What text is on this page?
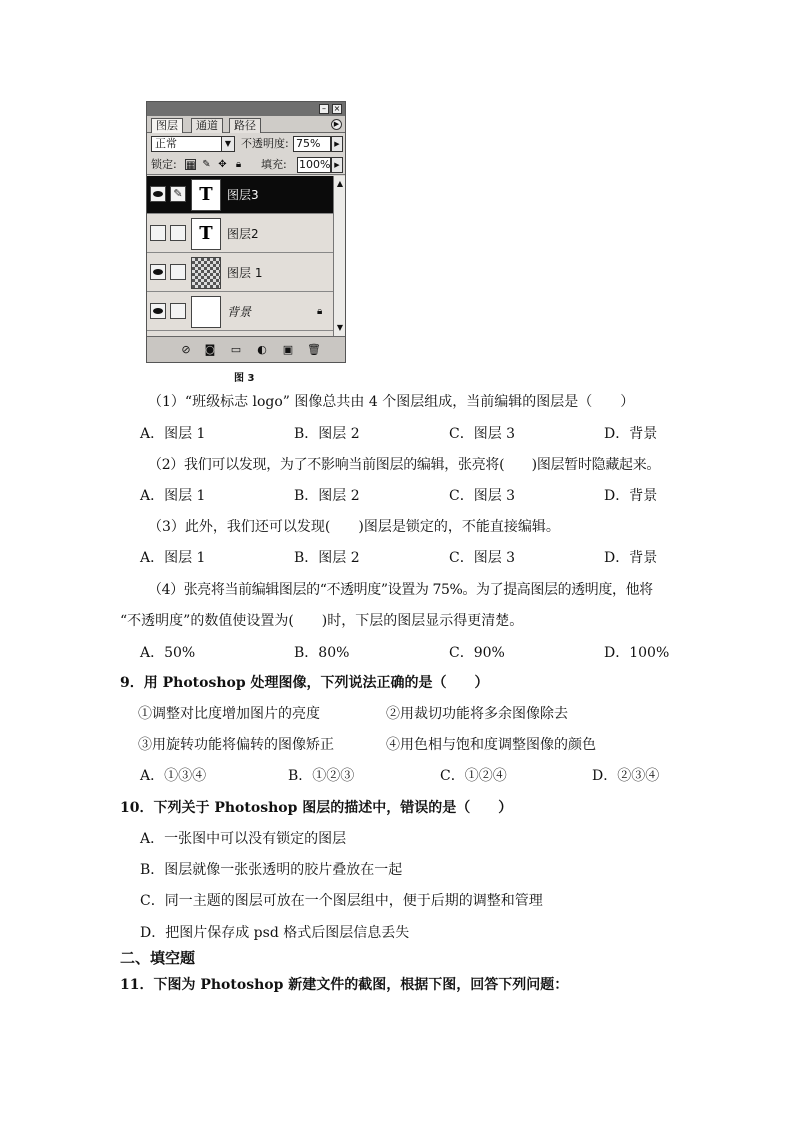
– ×
图层	通道	路径	▶
正常	▼ 不透明度: 75%	▶
锁定: ▦ ✎ ✥ 🔒︎ 填充: 100% ▶
✎ T	图层3
T	图层2
图层 1
背景	🔒︎
▲
▼
⊘ ◙ ▭ ◐ ▣ 🗑︎
图 3
（1）“班级标志 logo” 图像总共由 4 个图层组成，当前编辑的图层是（　　）
A．图层 1	B．图层 2	C．图层 3	D．背景
（2）我们可以发现，为了不影响当前图层的编辑，张亮将(　　)图层暂时隐藏起来。
A．图层 1	B．图层 2	C．图层 3	D．背景
（3）此外，我们还可以发现(　　)图层是锁定的，不能直接编辑。
A．图层 1	B．图层 2	C．图层 3	D．背景
（4）张亮将当前编辑图层的“不透明度”设置为 75%。为了提高图层的透明度，他将
“不透明度”的数值使设置为(　　)时，下层的图层显示得更清楚。
A．50%	B．80%	C．90%	D．100%
9．用 Photoshop 处理图像，下列说法正确的是（　　）
①调整对比度增加图片的亮度	②用裁切功能将多余图像除去
③用旋转功能将偏转的图像矫正	④用色相与饱和度调整图像的颜色
A．①③④	B．①②③	C．①②④	D．②③④
10．下列关于 Photoshop 图层的描述中，错误的是（　　）
A．一张图中可以没有锁定的图层
B．图层就像一张张透明的胶片叠放在一起
C．同一主题的图层可放在一个图层组中，便于后期的调整和管理
D．把图片保存成 psd 格式后图层信息丢失
二、填空题
11．下图为 Photoshop 新建文件的截图，根据下图，回答下列问题：
